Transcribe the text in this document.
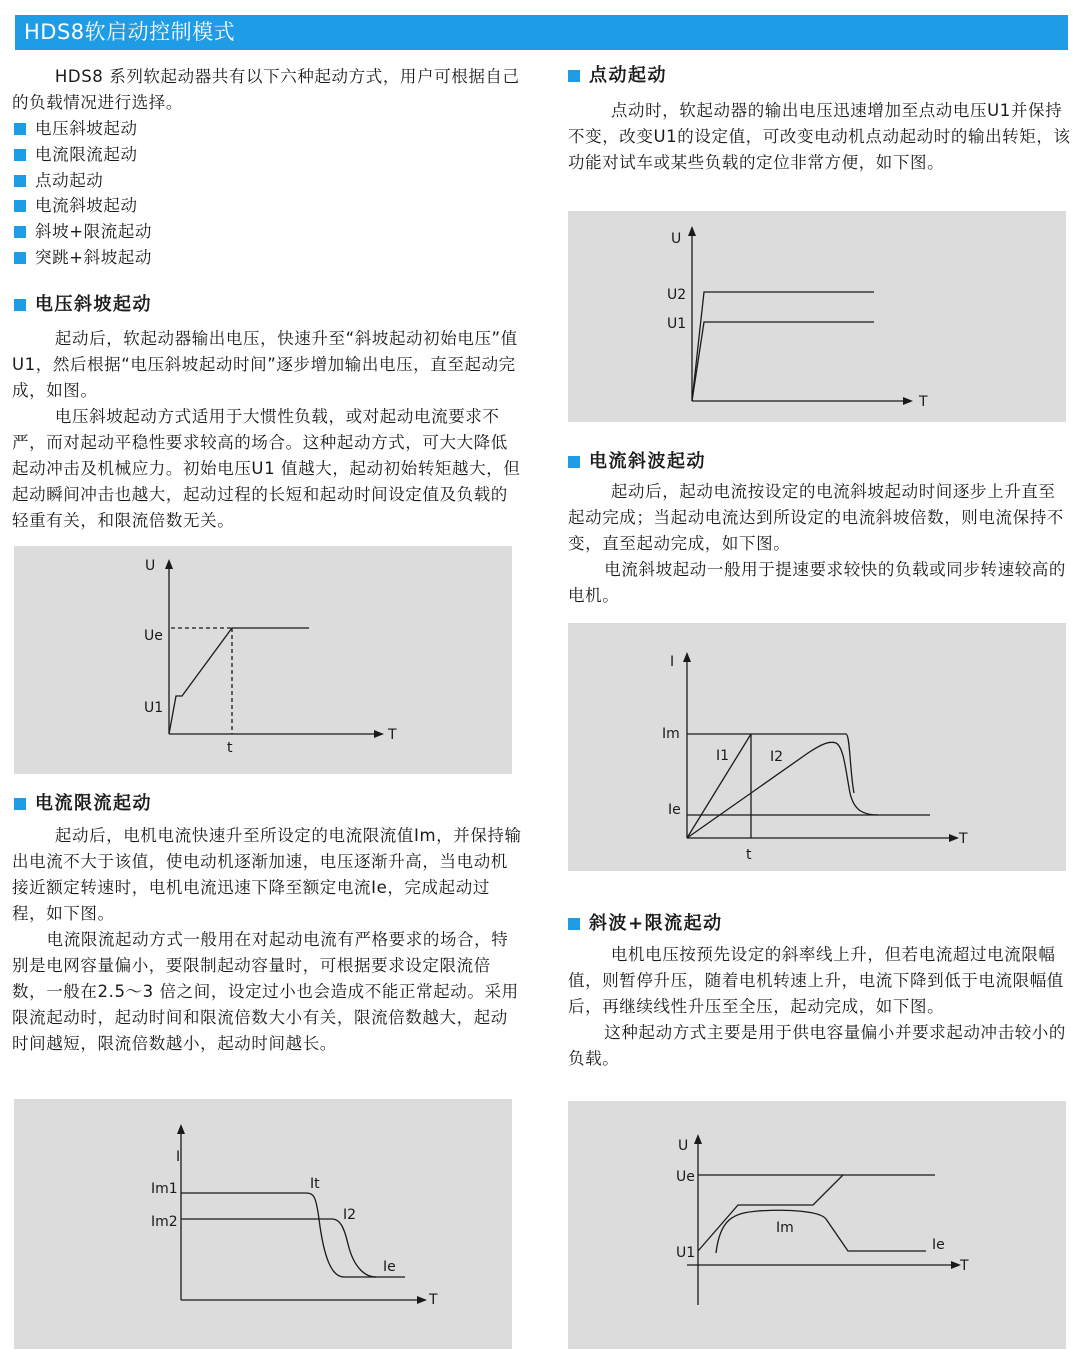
HDS8软启动控制模式

HDS8 系列软起动器共有以下六种起动方式，用户可根据自己的负载情况进行选择。

电压斜坡起动
电流限流起动
点动起动
电流斜坡起动
斜坡+限流起动
突跳+斜坡起动
电压斜坡起动

起动后，软起动器输出电压，快速升至“斜坡起动初始电压”值U1，然后根据“电压斜坡起动时间”逐步增加输出电压，直至起动完成，如图。

电压斜坡起动方式适用于大惯性负载，或对起动电流要求不严，而对起动平稳性要求较高的场合。这种起动方式，可大大降低起动冲击及机械应力。初始电压U1 值越大，起动初始转矩越大，但起动瞬间冲击也越大，起动过程的长短和起动时间设定值及负载的轻重有关，和限流倍数无关。

U
T
Ue
U1
t
电流限流起动

起动后，电机电流快速升至所设定的电流限流值Im，并保持输出电流不大于该值，使电动机逐渐加速，电压逐渐升高，当电动机接近额定转速时，电机电流迅速下降至额定电流Ie，完成起动过程，如下图。

电流限流起动方式一般用在对起动电流有严格要求的场合，特别是电网容量偏小，要限制起动容量时，可根据要求设定限流倍数，一般在2.5～3 倍之间，设定过小也会造成不能正常起动。采用限流起动时，起动时间和限流倍数大小有关，限流倍数越大，起动时间越短，限流倍数越小，起动时间越长。

I
T
Im1
Im2
It
I2
Ie
点动起动

点动时，软起动器的输出电压迅速增加至点动电压U1并保持不变，改变U1的设定值，可改变电动机点动起动时的输出转矩，该功能对试车或某些负载的定位非常方便，如下图。

U
T
U2
U1
电流斜波起动

起动后，起动电流按设定的电流斜坡起动时间逐步上升直至起动完成；当起动电流达到所设定的电流斜坡倍数，则电流保持不变，直至起动完成，如下图。

电流斜坡起动一般用于提速要求较快的负载或同步转速较高的电机。

I
T
Im
Ie
I1	I2
t
斜波+限流起动

电机电压按预先设定的斜率线上升，但若电流超过电流限幅值，则暂停升压，随着电机转速上升，电流下降到低于电流限幅值后，再继续线性升压至全压，起动完成，如下图。

这种起动方式主要是用于供电容量偏小并要求起动冲击较小的负载。

U
T
Ue
U1
Im
Ie
